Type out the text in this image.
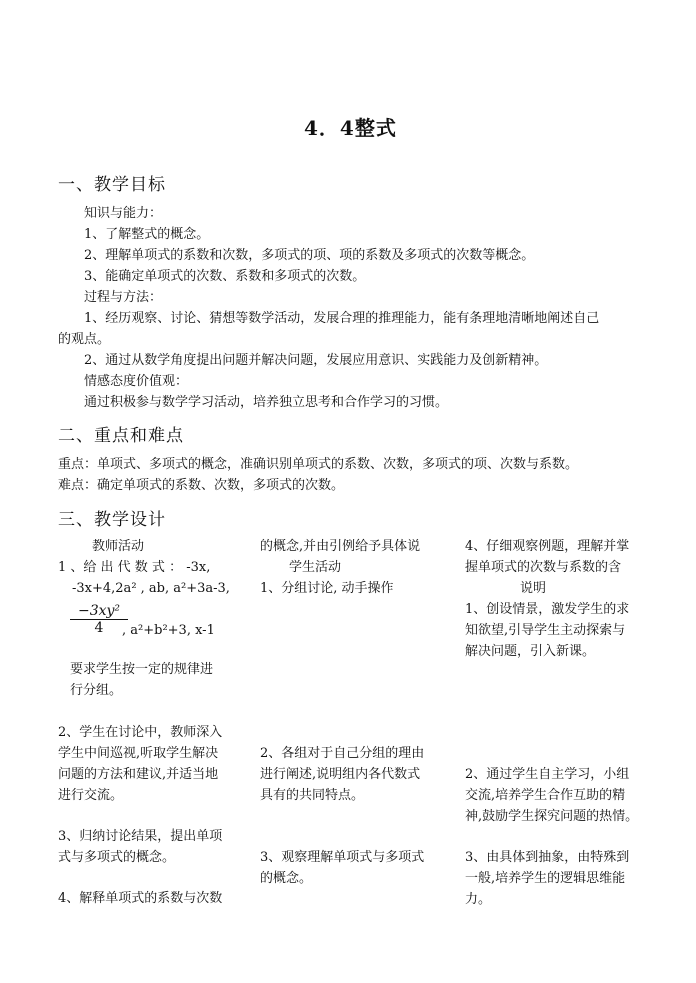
4．4整式
一、教学目标
知识与能力：
1、了解整式的概念。
2、理解单项式的系数和次数，多项式的项、项的系数及多项式的次数等概念。
3、能确定单项式的次数、系数和多项式的次数。
过程与方法：
1、经历观察、讨论、猜想等数学活动，发展合理的推理能力，能有条理地清晰地阐述自己
的观点。
2、通过从数学角度提出问题并解决问题，发展应用意识、实践能力及创新精神。
情感态度价值观：
通过积极参与数学学习活动，培养独立思考和合作学习的习惯。
二、重点和难点
重点：单项式、多项式的概念，准确识别单项式的系数、次数，多项式的项、次数与系数。
难点：确定单项式的系数、次数，多项式的次数。
三、教学设计
教师活动
1 、给 出 代 数 式 ： -3x,
-3x+4,2a² , ab, a²+3a-3,
$\frac{\text{−3xy²}}{4}$
, a²+b²+3, x-1
要求学生按一定的规律进
行分组。
2、学生在讨论中，教师深入
学生中间巡视,听取学生解决
问题的方法和建议,并适当地
进行交流。
3、归纳讨论结果，提出单项
式与多项式的概念。
4、解释单项式的系数与次数
的概念,并由引例给予具体说
学生活动
1、分组讨论, 动手操作
2、各组对于自己分组的理由
进行阐述,说明组内各代数式
具有的共同特点。
3、观察理解单项式与多项式
的概念。
4、仔细观察例题，理解并掌
握单项式的次数与系数的含
说明
1、创设情景，激发学生的求
知欲望,引导学生主动探索与
解决问题，引入新课。
2、通过学生自主学习，小组
交流,培养学生合作互助的精
神,鼓励学生探究问题的热情。
3、由具体到抽象，由特殊到
一般,培养学生的逻辑思维能
力。
